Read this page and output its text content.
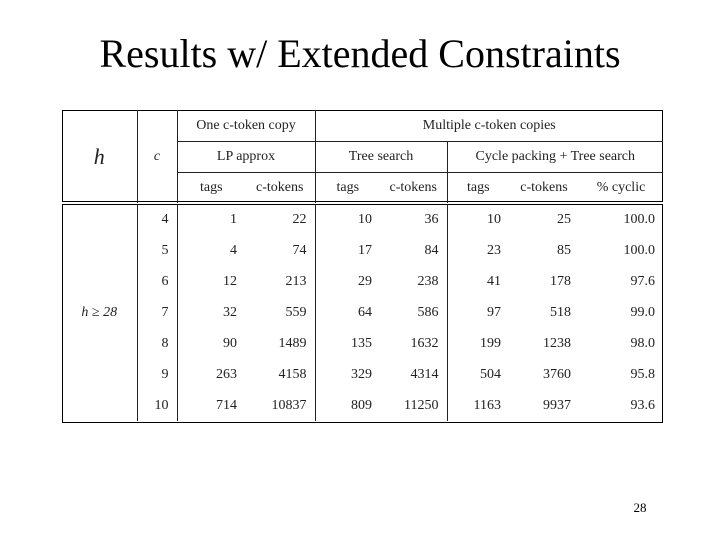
Results w/ Extended Constraints
h	c	One c-token copy		Multiple c-token copies				
		LP approx		Tree search		Cycle packing + Tree search		
		tags	c-tokens	tags	c-tokens	tags	c-tokens	% cyclic
h ≥ 28	4	1	22	10	36	10	25	100.0
	5	4	74	17	84	23	85	100.0
	6	12	213	29	238	41	178	97.6
	7	32	559	64	586	97	518	99.0
	8	90	1489	135	1632	199	1238	98.0
	9	263	4158	329	4314	504	3760	95.8
	10	714	10837	809	11250	1163	9937	93.6
28
